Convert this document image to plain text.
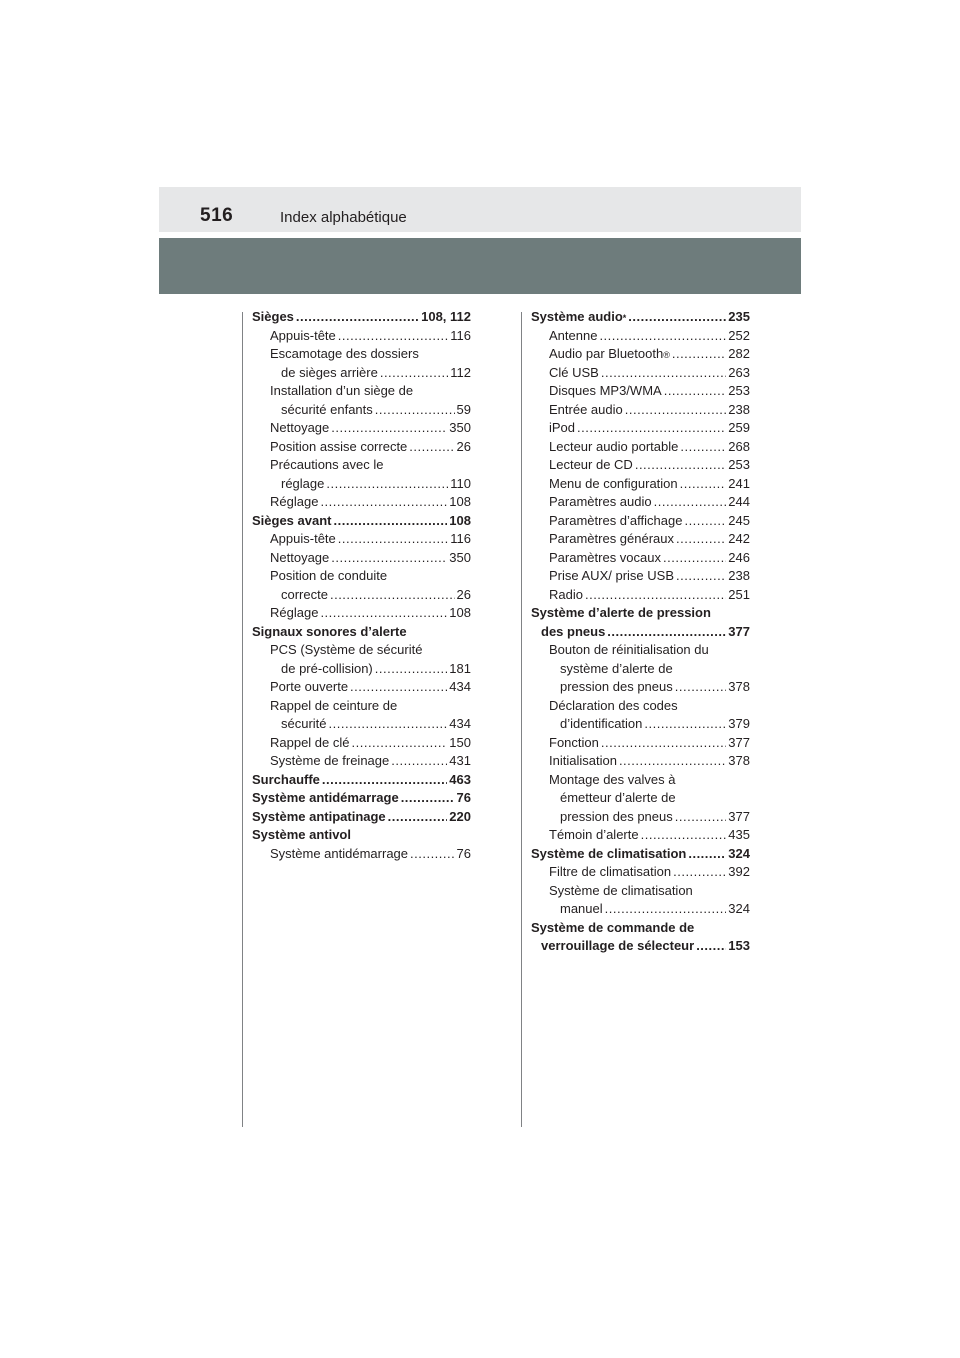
516	Index alphabétique
Sièges .....	108, 112
Appuis-tête .....	116
Escamotage des dossiers
de sièges arrière .....	112
Installation d’un siège de
sécurité enfants .....	59
Nettoyage .....	350
Position assise correcte .....	26
Précautions avec le
réglage .....	110
Réglage .....	108
Sièges avant .....	108
Appuis-tête .....	116
Nettoyage .....	350
Position de conduite
correcte .....	26
Réglage .....	108
Signaux sonores d’alerte
PCS (Système de sécurité
de pré-collision) .....	181
Porte ouverte .....	434
Rappel de ceinture de
sécurité .....	434
Rappel de clé .....	150
Système de freinage .....	431
Surchauffe .....	463
Système antidémarrage .....	76
Système antipatinage .....	220
Système antivol
Système antidémarrage .....	76
Système audio * .....	235
Antenne .....	252
Audio par Bluetooth ® .....	282
Clé USB .....	263
Disques MP3/WMA .....	253
Entrée audio .....	238
iPod .....	259
Lecteur audio portable .....	268
Lecteur de CD .....	253
Menu de configuration .....	241
Paramètres audio .....	244
Paramètres d’affichage .....	245
Paramètres généraux .....	242
Paramètres vocaux .....	246
Prise AUX/ prise USB .....	238
Radio .....	251
Système d’alerte de pression
des pneus .....	377
Bouton de réinitialisation du
système d’alerte de
pression des pneus .....	378
Déclaration des codes
d’identification .....	379
Fonction .....	377
Initialisation .....	378
Montage des valves à
émetteur d’alerte de
pression des pneus .....	377
Témoin d’alerte .....	435
Système de climatisation .....	324
Filtre de climatisation .....	392
Système de climatisation
manuel .....	324
Système de commande de
verrouillage de sélecteur .....	153
